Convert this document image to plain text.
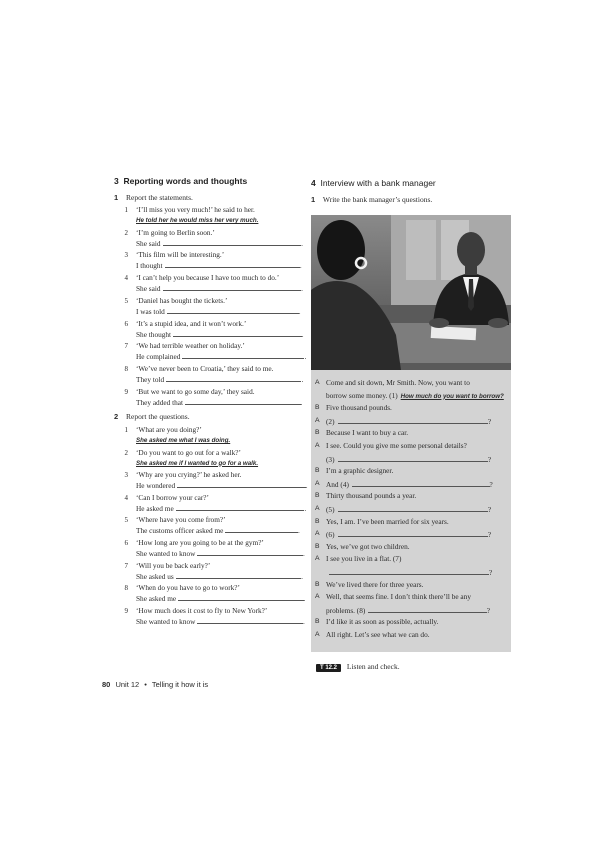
3 Reporting words and thoughts
1 Report the statements.
1 ‘I’ll miss you very much!’ he said to her.
He told her he would miss her very much.
2 ‘I’m going to Berlin soon.’
She said	.
3 ‘This film will be interesting.’
I thought	.
4 ‘I can’t help you because I have too much to do.’
She said	.
5 ‘Daniel has bought the tickets.’
I was told	.
6 ‘It’s a stupid idea, and it won’t work.’
She thought	.
7 ‘We had terrible weather on holiday.’
He complained	.
8 ‘We’ve never been to Croatia,’ they said to me.
They told	.
9 ‘But we want to go some day,’ they said.
They added that	.
2 Report the questions.
1 ‘What are you doing?’
She asked me what I was doing.
2 ‘Do you want to go out for a walk?’
She asked me if I wanted to go for a walk.
3 ‘Why are you crying?’ he asked her.
He wondered	.
4 ‘Can I borrow your car?’
He asked me	.
5 ‘Where have you come from?’
The customs officer asked me	.
6 ‘How long are you going to be at the gym?’
She wanted to know	.
7 ‘Will you be back early?’
She asked us	.
8 ‘When do you have to go to work?’
She asked me	.
9 ‘How much does it cost to fly to New York?’
She wanted to know	.
4 Interview with a bank manager
1 Write the bank manager’s questions.
A Come and sit down, Mr Smith. Now, you want to
borrow some money. (1) How much do you want to borrow?
B Five thousand pounds.
A (2)	?
B Because I want to buy a car.
A I see. Could you give me some personal details?
(3)	?
B I’m a graphic designer.
A And (4)	?
B Thirty thousand pounds a year.
A (5)	?
B Yes, I am. I’ve been married for six years.
A (6)	?
B Yes, we’ve got two children.
A I see you live in a flat. (7)
?
B We’ve lived there for three years.
A Well, that seems fine. I don’t think there’ll be any
problems. (8)	?
B I’d like it as soon as possible, actually.
A All right. Let’s see what we can do.
T 12.2 Listen and check.
80 Unit 12 • Telling it how it is
